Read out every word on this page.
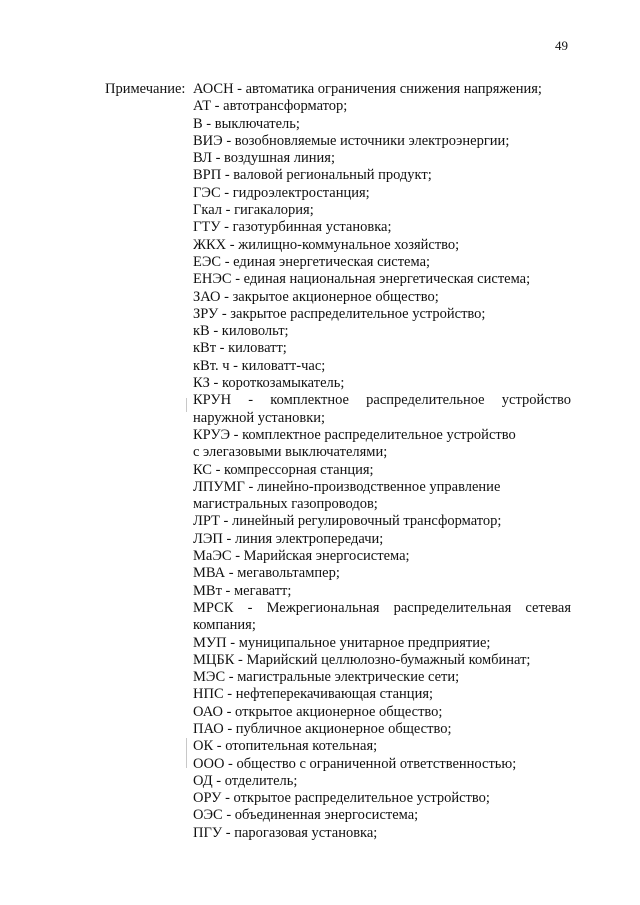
49
Примечание: АОСН - автоматика ограничения снижения напряжения;
АТ - автотрансформатор;
В - выключатель;
ВИЭ - возобновляемые источники электроэнергии;
ВЛ - воздушная линия;
ВРП - валовой региональный продукт;
ГЭС - гидроэлектростанция;
Гкал - гигакалория;
ГТУ - газотурбинная установка;
ЖКХ - жилищно-коммунальное хозяйство;
ЕЭС - единая энергетическая система;
ЕНЭС - единая национальная энергетическая система;
ЗАО - закрытое акционерное общество;
ЗРУ - закрытое распределительное устройство;
кВ - киловольт;
кВт - киловатт;
кВт. ч - киловатт-час;
КЗ - короткозамыкатель;
КРУН - комплектное распределительное устройство
наружной установки;
КРУЭ - комплектное распределительное устройство
с элегазовыми выключателями;
КС - компрессорная станция;
ЛПУМГ - линейно-производственное управление
магистральных газопроводов;
ЛРТ - линейный регулировочный трансформатор;
ЛЭП - линия электропередачи;
МаЭС - Марийская энергосистема;
МВА - мегавольтампер;
МВт - мегаватт;
МРСК - Межрегиональная распределительная сетевая
компания;
МУП - муниципальное унитарное предприятие;
МЦБК - Марийский целлюлозно-бумажный комбинат;
МЭС - магистральные электрические сети;
НПС - нефтеперекачивающая станция;
ОАО - открытое акционерное общество;
ПАО - публичное акционерное общество;
ОК - отопительная котельная;
ООО - общество с ограниченной ответственностью;
ОД - отделитель;
ОРУ - открытое распределительное устройство;
ОЭС - объединенная энергосистема;
ПГУ - парогазовая установка;
